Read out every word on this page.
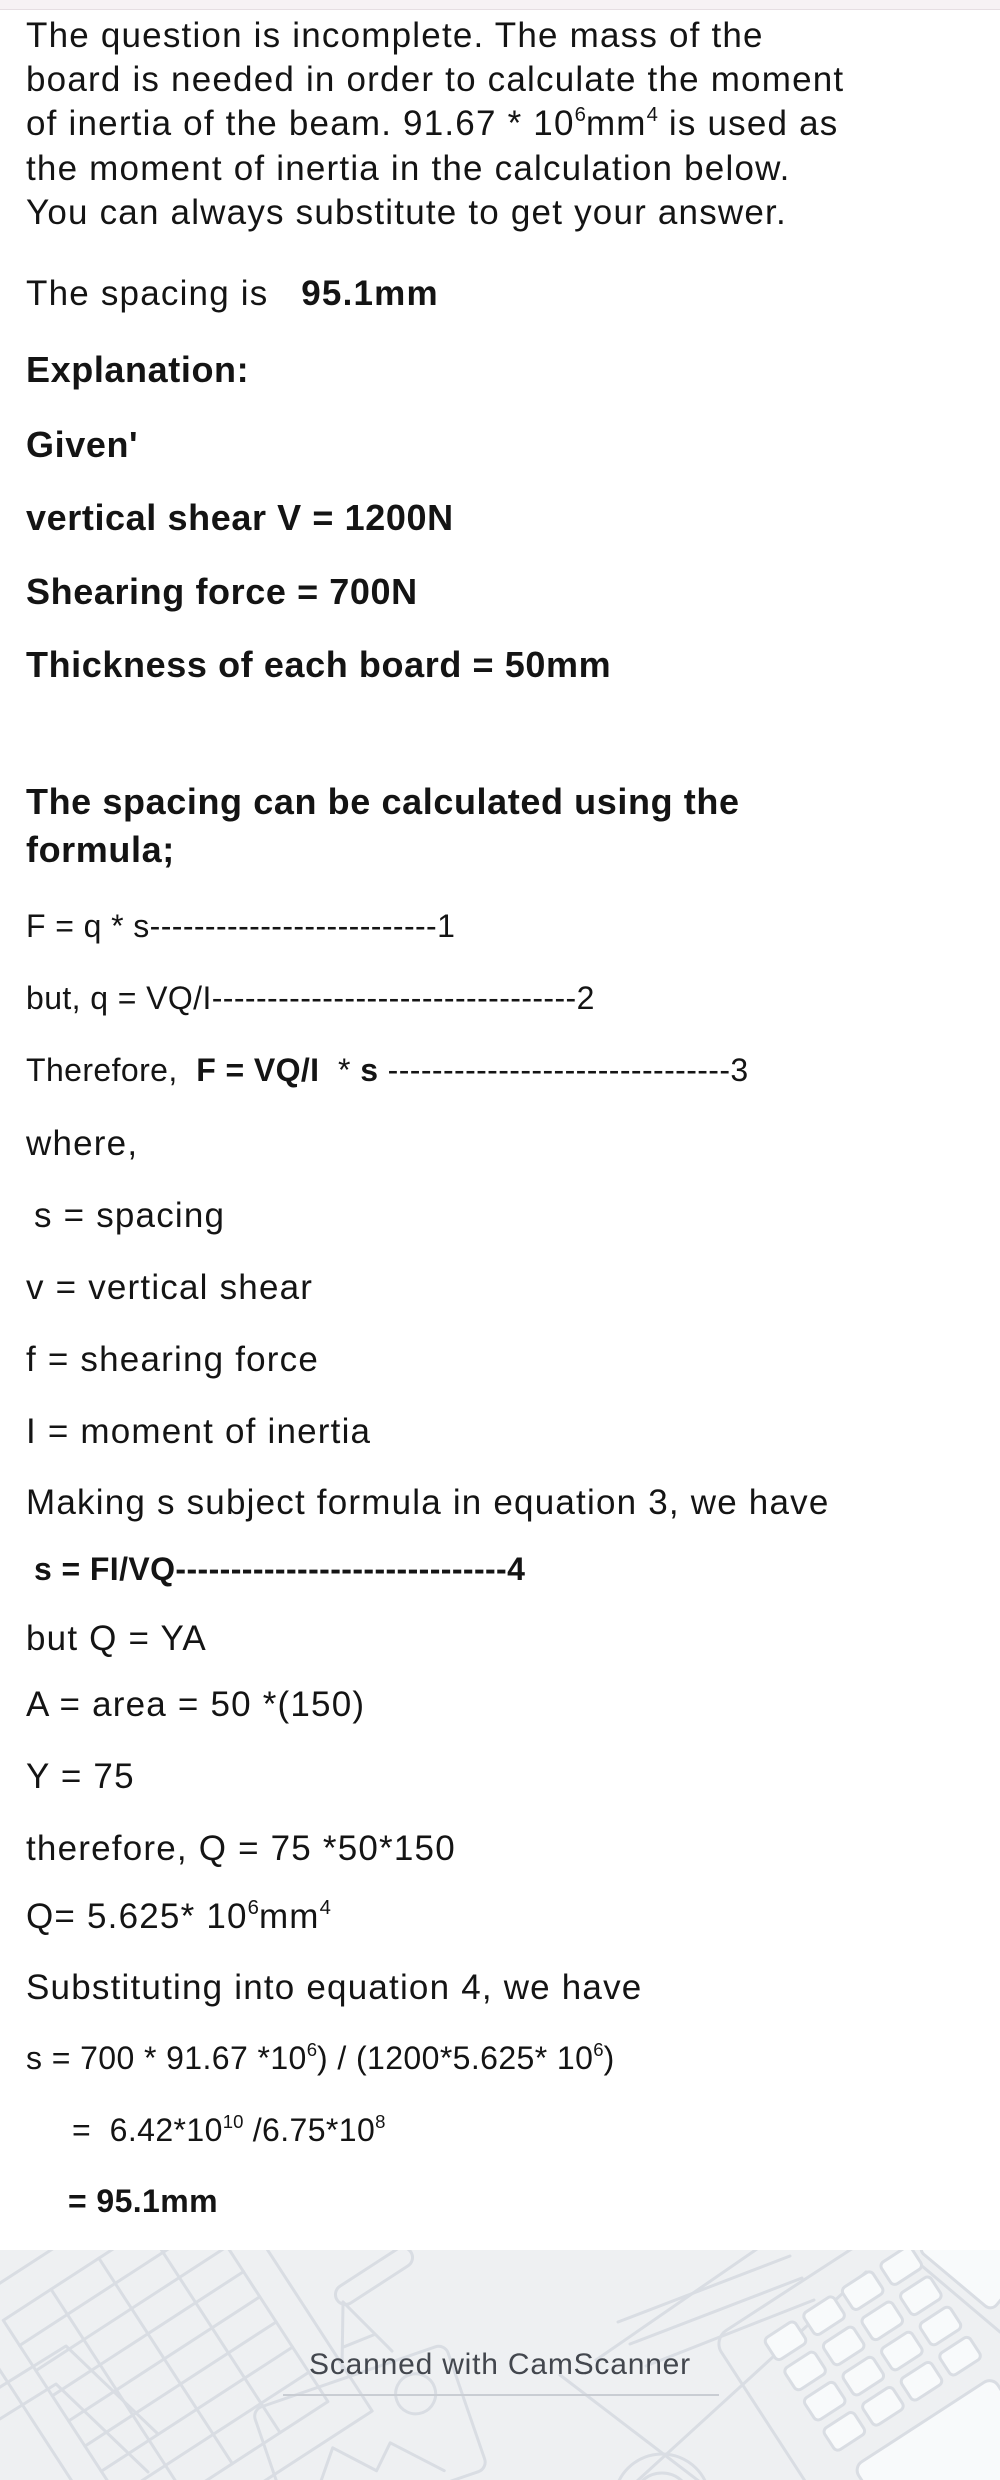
The question is incomplete. The mass of the
board is needed in order to calculate the moment
of inertia of the beam. $91.67 * 10^6mm^4$ is used as
the moment of inertia in the calculation below.
You can always substitute to get your answer.
The spacing is   95.1mm
Explanation:
Given'
vertical shear V = 1200N
Shearing force = 700N
Thickness of each board = 50mm
The spacing can be calculated using the
formula;
F = q * s--------------------------1
but, q = VQ/I---------------------------------2
Therefore,  F = VQ/I  * s -------------------------------3
where,
s = spacing
v = vertical shear
f = shearing force
I = moment of inertia
Making s subject formula in equation 3, we have
s = FI/VQ------------------------------4
but Q = YA
A = area = 50 *(150)
Y = 75
therefore, Q = 75 *50*150
Q= 5.625* $10^6mm^4$
Substituting into equation 4, we have
s = 700 * 91.67 $*10^6) / (1200*5.625*$ $10^6$)
=  $6.42*10^{10}$ $/6.75*10^8$
= 95.1mm
Scanned with CamScanner
